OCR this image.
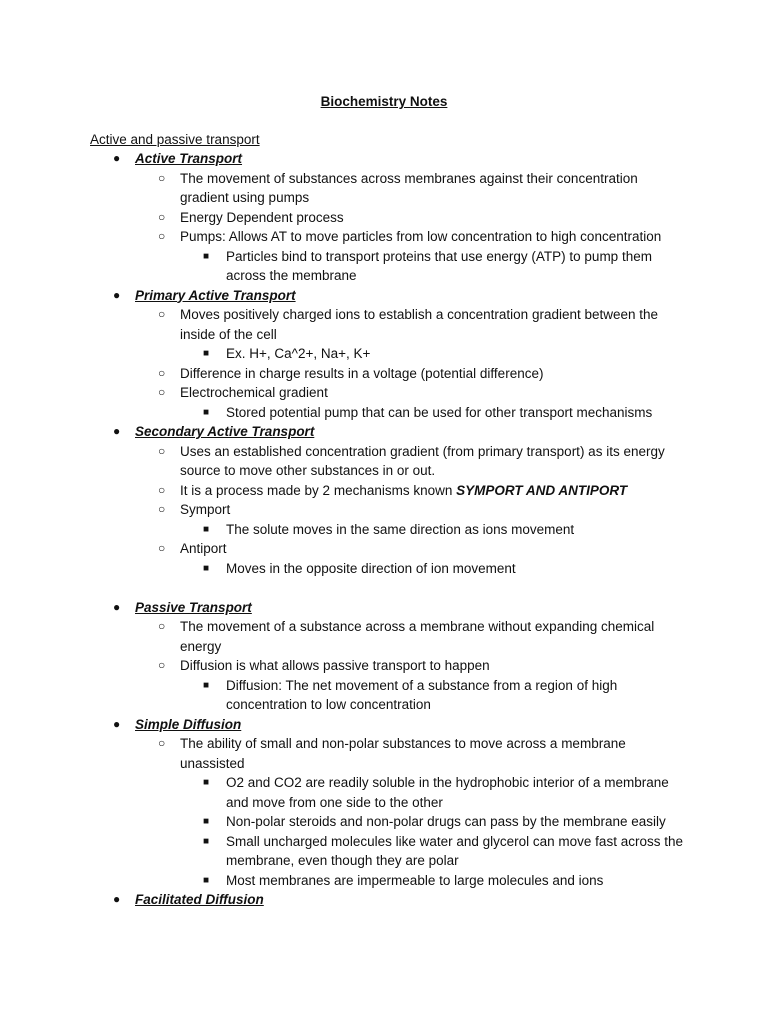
Biochemistry Notes
Active and passive transport
● Active Transport
○ The movement of substances across membranes against their concentration gradient using pumps
○ Energy Dependent process
○ Pumps: Allows AT to move particles from low concentration to high concentration
■ Particles bind to transport proteins that use energy (ATP) to pump them across the membrane
● Primary Active Transport
○ Moves positively charged ions to establish a concentration gradient between the inside of the cell
■ Ex. H+, Ca^2+, Na+, K+
○ Difference in charge results in a voltage (potential difference)
○ Electrochemical gradient
■ Stored potential pump that can be used for other transport mechanisms
● Secondary Active Transport
○ Uses an established concentration gradient (from primary transport) as its energy source to move other substances in or out.
○ It is a process made by 2 mechanisms known SYMPORT AND ANTIPORT
○ Symport
■ The solute moves in the same direction as ions movement
○ Antiport
■ Moves in the opposite direction of ion movement
● Passive Transport
○ The movement of a substance across a membrane without expanding chemical energy
○ Diffusion is what allows passive transport to happen
■ Diffusion: The net movement of a substance from a region of high concentration to low concentration
● Simple Diffusion
○ The ability of small and non-polar substances to move across a membrane unassisted
■ O2 and CO2 are readily soluble in the hydrophobic interior of a membrane and move from one side to the other
■ Non-polar steroids and non-polar drugs can pass by the membrane easily
■ Small uncharged molecules like water and glycerol can move fast across the membrane, even though they are polar
■ Most membranes are impermeable to large molecules and ions
● Facilitated Diffusion
